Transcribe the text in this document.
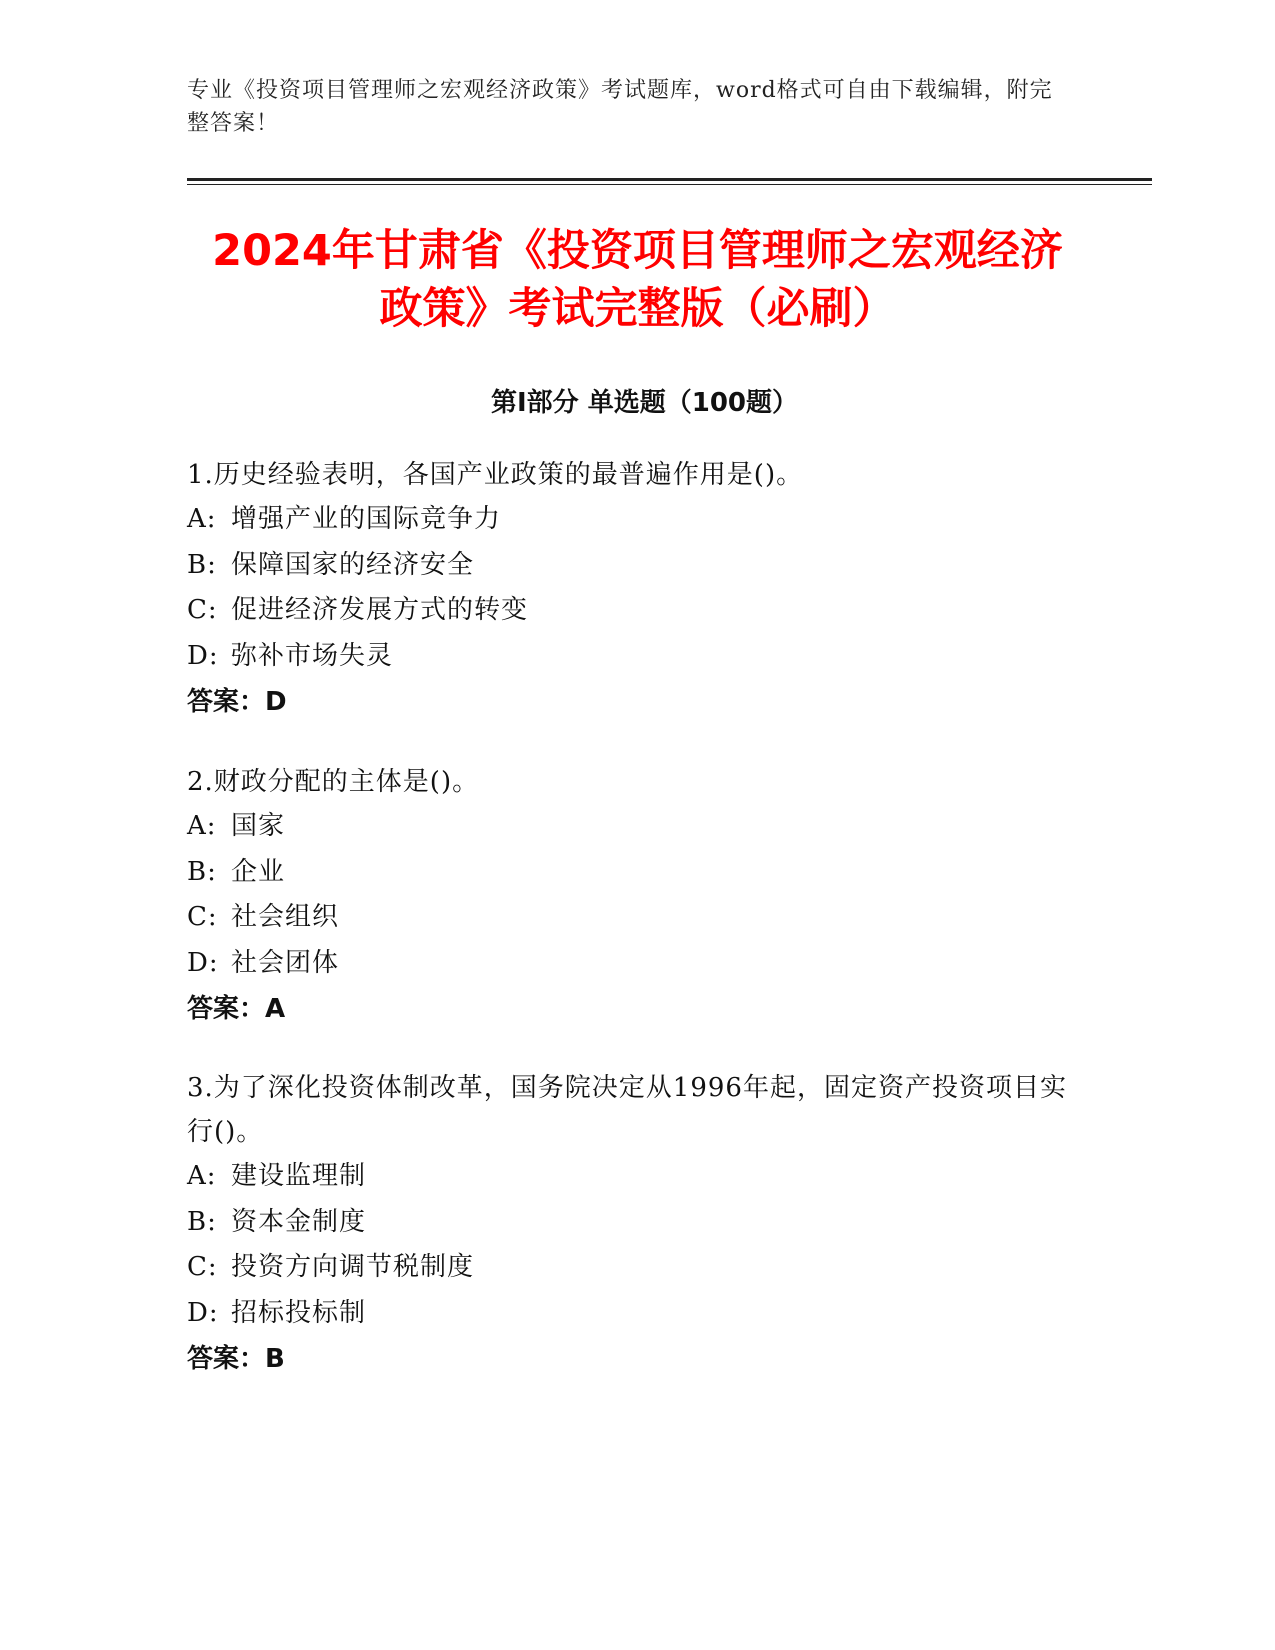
专业《投资项目管理师之宏观经济政策》考试题库，word格式可自由下载编辑，附完整答案！
2024年甘肃省《投资项目管理师之宏观经济
政策》考试完整版（必刷）
第I部分 单选题（100题）
1.历史经验表明，各国产业政策的最普遍作用是()。
A: 增强产业的国际竞争力
B: 保障国家的经济安全
C: 促进经济发展方式的转变
D: 弥补市场失灵
答案：D
2.财政分配的主体是()。
A: 国家
B: 企业
C: 社会组织
D: 社会团体
答案：A
3.为了深化投资体制改革，国务院决定从1996年起，固定资产投资项目实行()。
A: 建设监理制
B: 资本金制度
C: 投资方向调节税制度
D: 招标投标制
答案：B
